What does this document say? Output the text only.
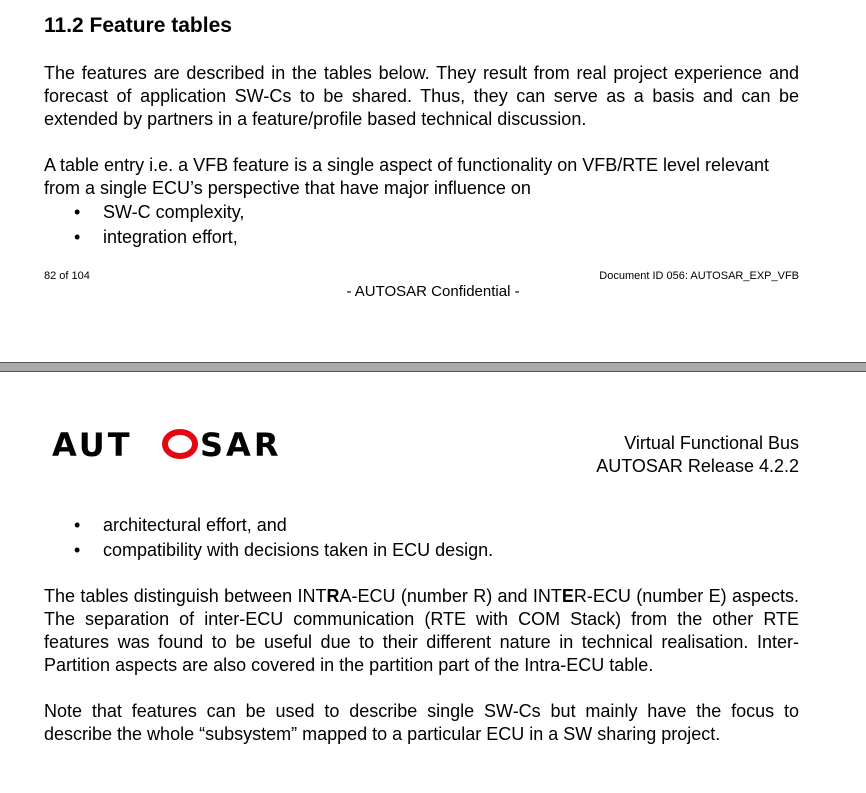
11.2 Feature tables

The features are described in the tables below. They result from real project experience and forecast of application SW-Cs to be shared. Thus, they can serve as a basis and can be extended by partners in a feature/profile based technical discussion.

A table entry i.e. a VFB feature is a single aspect of functionality on VFB/RTE level relevant from a single ECU’s perspective that have major influence on

• SW-C complexity,
• integration effort,
82 of 104	Document ID 056: AUTOSAR_EXP_VFB
- AUTOSAR Confidential -
AUT SAR	Virtual Functional Bus
AUTOSAR Release 4.2.2
• architectural effort, and
• compatibility with decisions taken in ECU design.

The tables distinguish between INTRA-ECU (number R) and INTER-ECU (number E) aspects. The separation of inter-ECU communication (RTE with COM Stack) from the other RTE features was found to be useful due to their different nature in technical realisation. Inter-Partition aspects are also covered in the partition part of the Intra-ECU table.

Note that features can be used to describe single SW-Cs but mainly have the focus to describe the whole “subsystem” mapped to a particular ECU in a SW sharing project.
